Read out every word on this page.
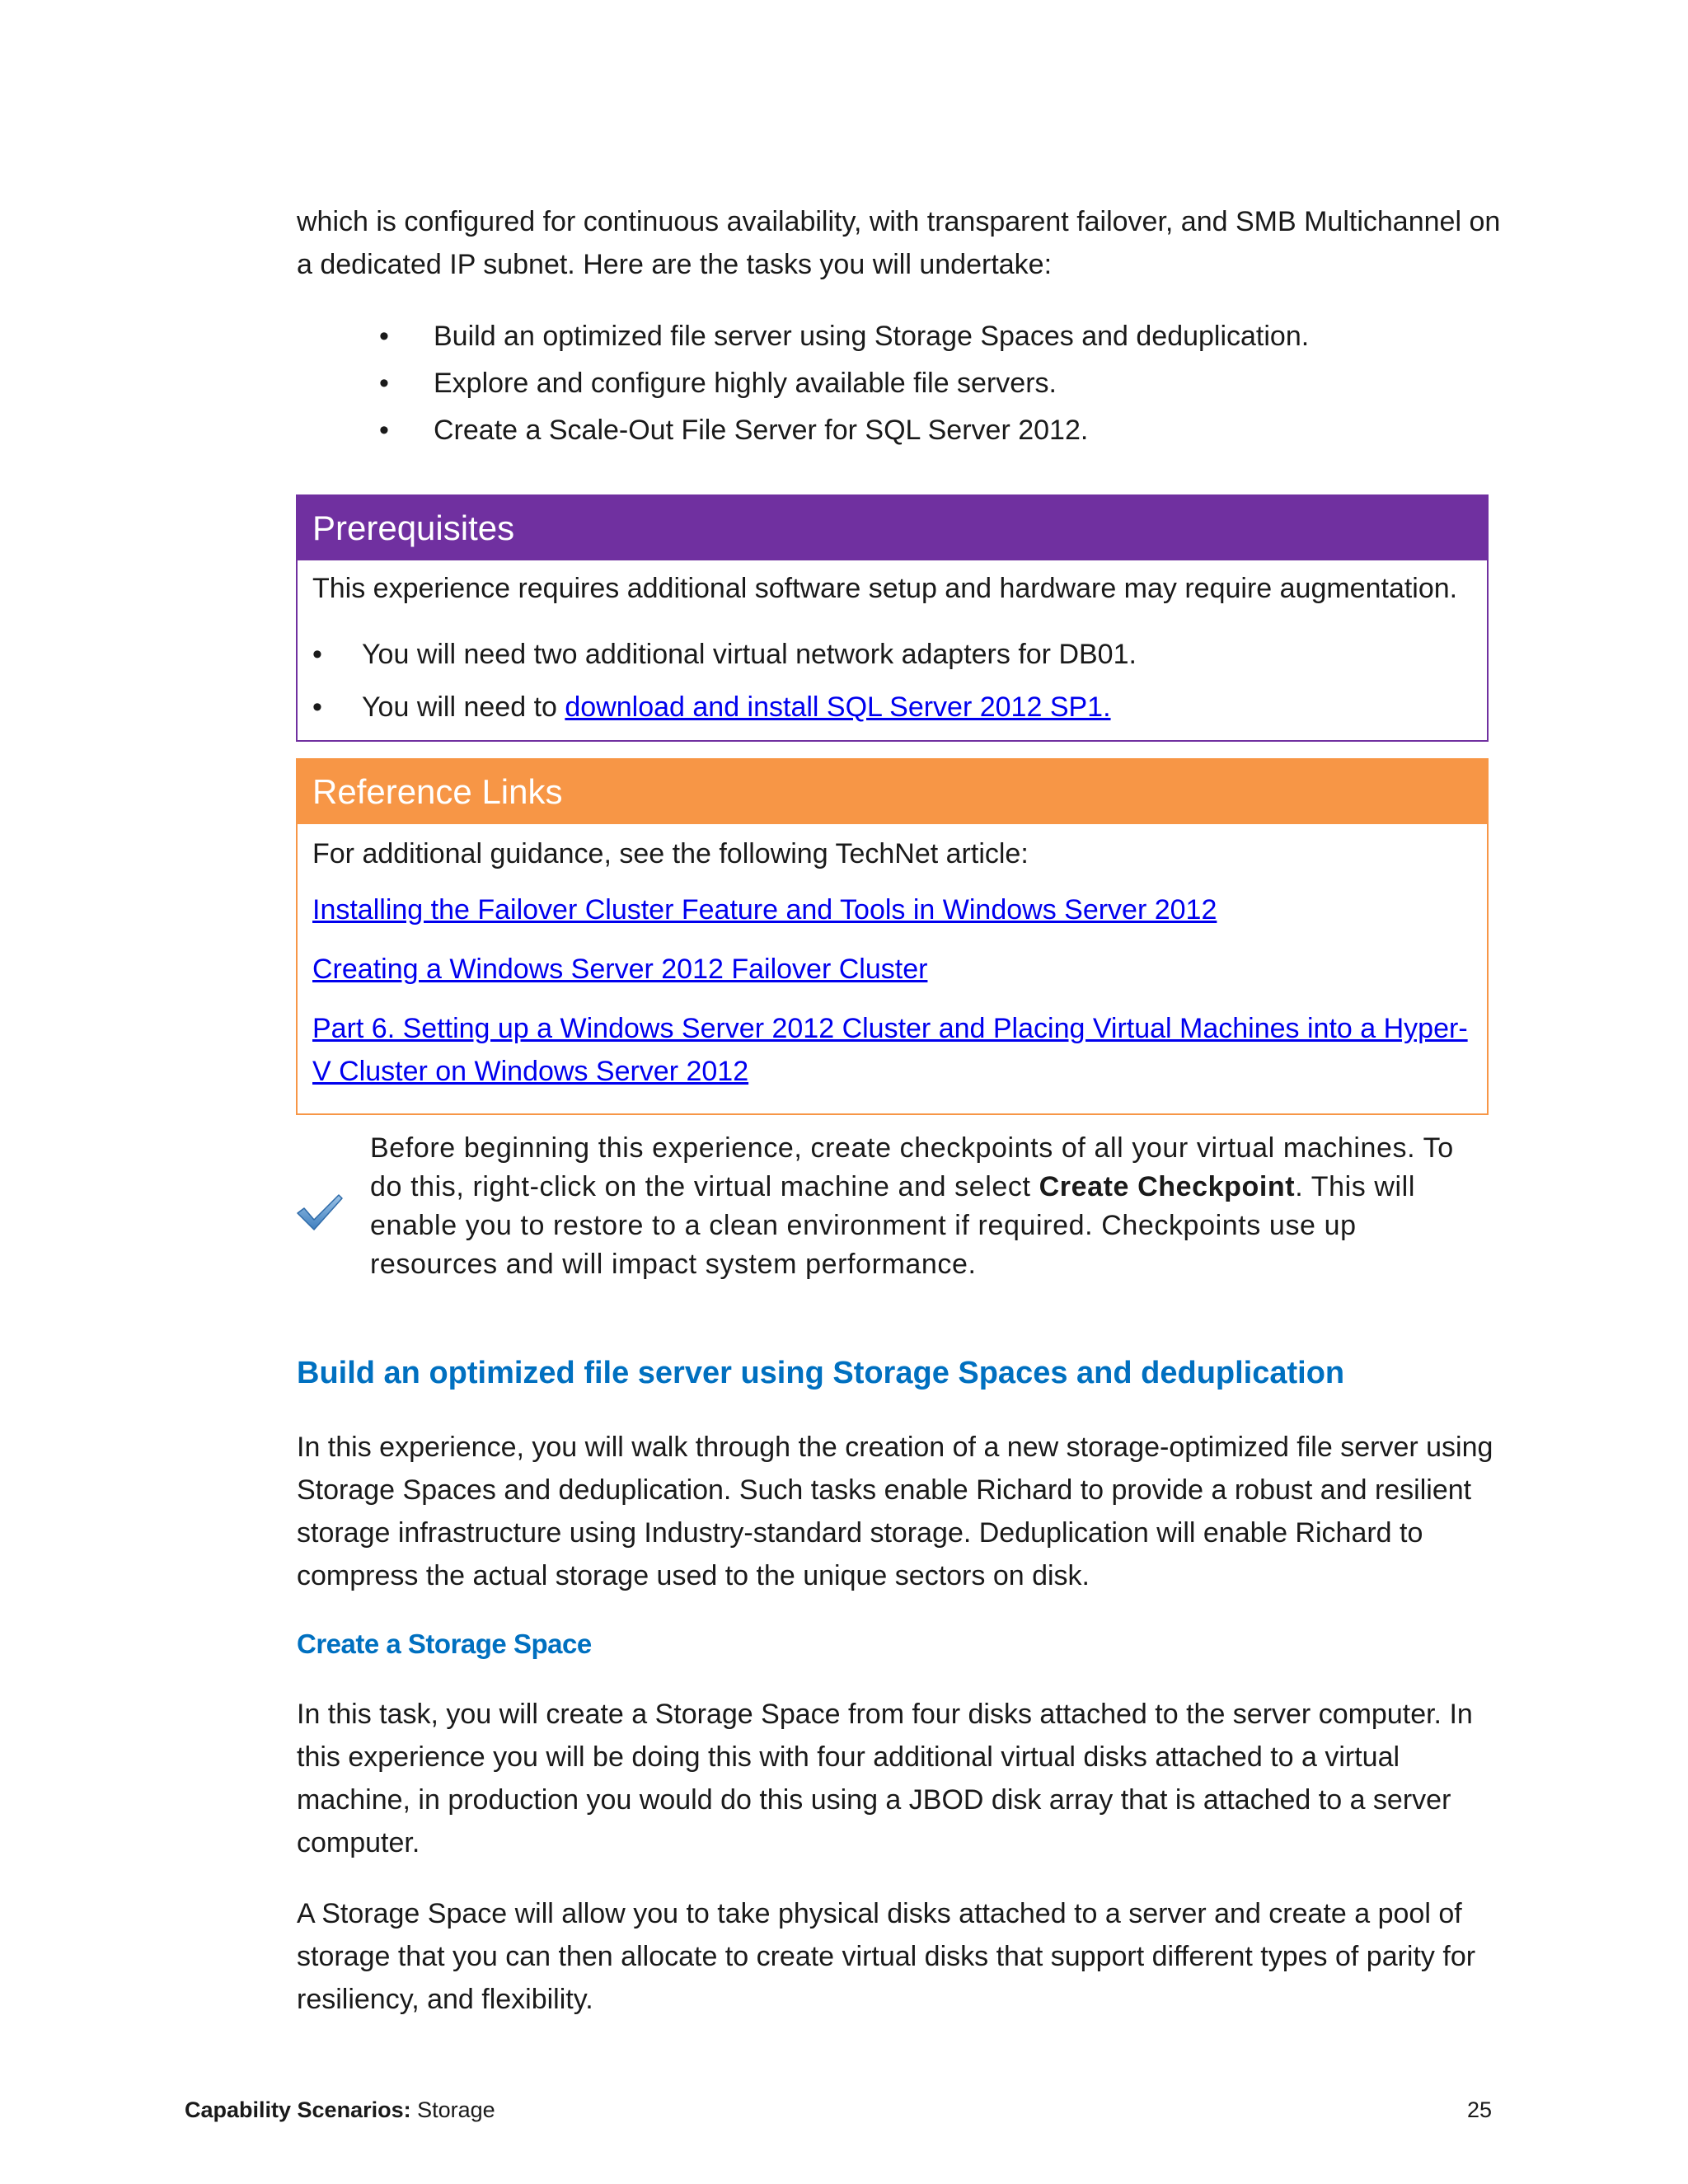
which is configured for continuous availability, with transparent failover, and SMB Multichannel on a dedicated IP subnet. Here are the tasks you will undertake:

• Build an optimized file server using Storage Spaces and deduplication.
• Explore and configure highly available file servers.
• Create a Scale-Out File Server for SQL Server 2012.
Prerequisites

This experience requires additional software setup and hardware may require augmentation.

• You will need two additional virtual network adapters for DB01.
• You will need to download and install SQL Server 2012 SP1.
Reference Links

For additional guidance, see the following TechNet article:

Installing the Failover Cluster Feature and Tools in Windows Server 2012

Creating a Windows Server 2012 Failover Cluster

Part 6. Setting up a Windows Server 2012 Cluster and Placing Virtual Machines into a Hyper-V Cluster on Windows Server 2012

Before beginning this experience, create checkpoints of all your virtual machines. To do this, right-click on the virtual machine and select Create Checkpoint. This will enable you to restore to a clean environment if required. Checkpoints use up resources and will impact system performance.

Build an optimized file server using Storage Spaces and deduplication

In this experience, you will walk through the creation of a new storage-optimized file server using Storage Spaces and deduplication. Such tasks enable Richard to provide a robust and resilient storage infrastructure using Industry-standard storage. Deduplication will enable Richard to compress the actual storage used to the unique sectors on disk.

Create a Storage Space

In this task, you will create a Storage Space from four disks attached to the server computer. In this experience you will be doing this with four additional virtual disks attached to a virtual machine, in production you would do this using a JBOD disk array that is attached to a server computer.

A Storage Space will allow you to take physical disks attached to a server and create a pool of storage that you can then allocate to create virtual disks that support different types of parity for resiliency, and flexibility.

Capability Scenarios: Storage	25
